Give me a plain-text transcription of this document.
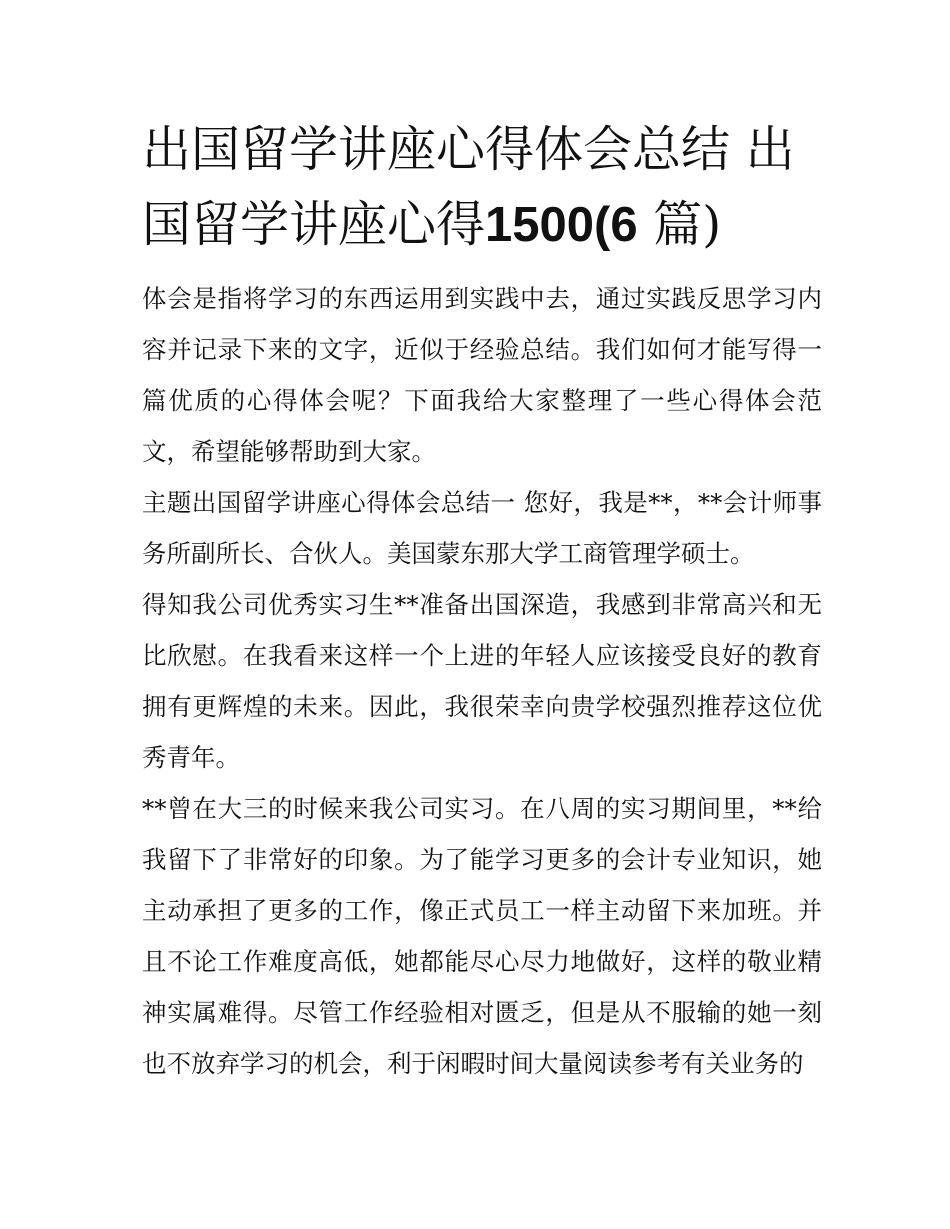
出国留学讲座心得体会总结 出国留学讲座心得1500(6 篇)

体会是指将学习的东西运用到实践中去，通过实践反思学习内容并记录下来的文字，近似于经验总结。我们如何才能写得一篇优质的心得体会呢？下面我给大家整理了一些心得体会范文，希望能够帮助到大家。

主题出国留学讲座心得体会总结一 您好，我是**，**会计师事务所副所长、合伙人。美国蒙东那大学工商管理学硕士。

得知我公司优秀实习生**准备出国深造，我感到非常高兴和无比欣慰。在我看来这样一个上进的年轻人应该接受良好的教育拥有更辉煌的未来。因此，我很荣幸向贵学校强烈推荐这位优秀青年。

**曾在大三的时候来我公司实习。在八周的实习期间里，**给我留下了非常好的印象。为了能学习更多的会计专业知识，她主动承担了更多的工作，像正式员工一样主动留下来加班。并且不论工作难度高低，她都能尽心尽力地做好，这样的敬业精神实属难得。尽管工作经验相对匮乏，但是从不服输的她一刻也不放弃学习的机会，利于闲暇时间大量阅读参考有关业务的
